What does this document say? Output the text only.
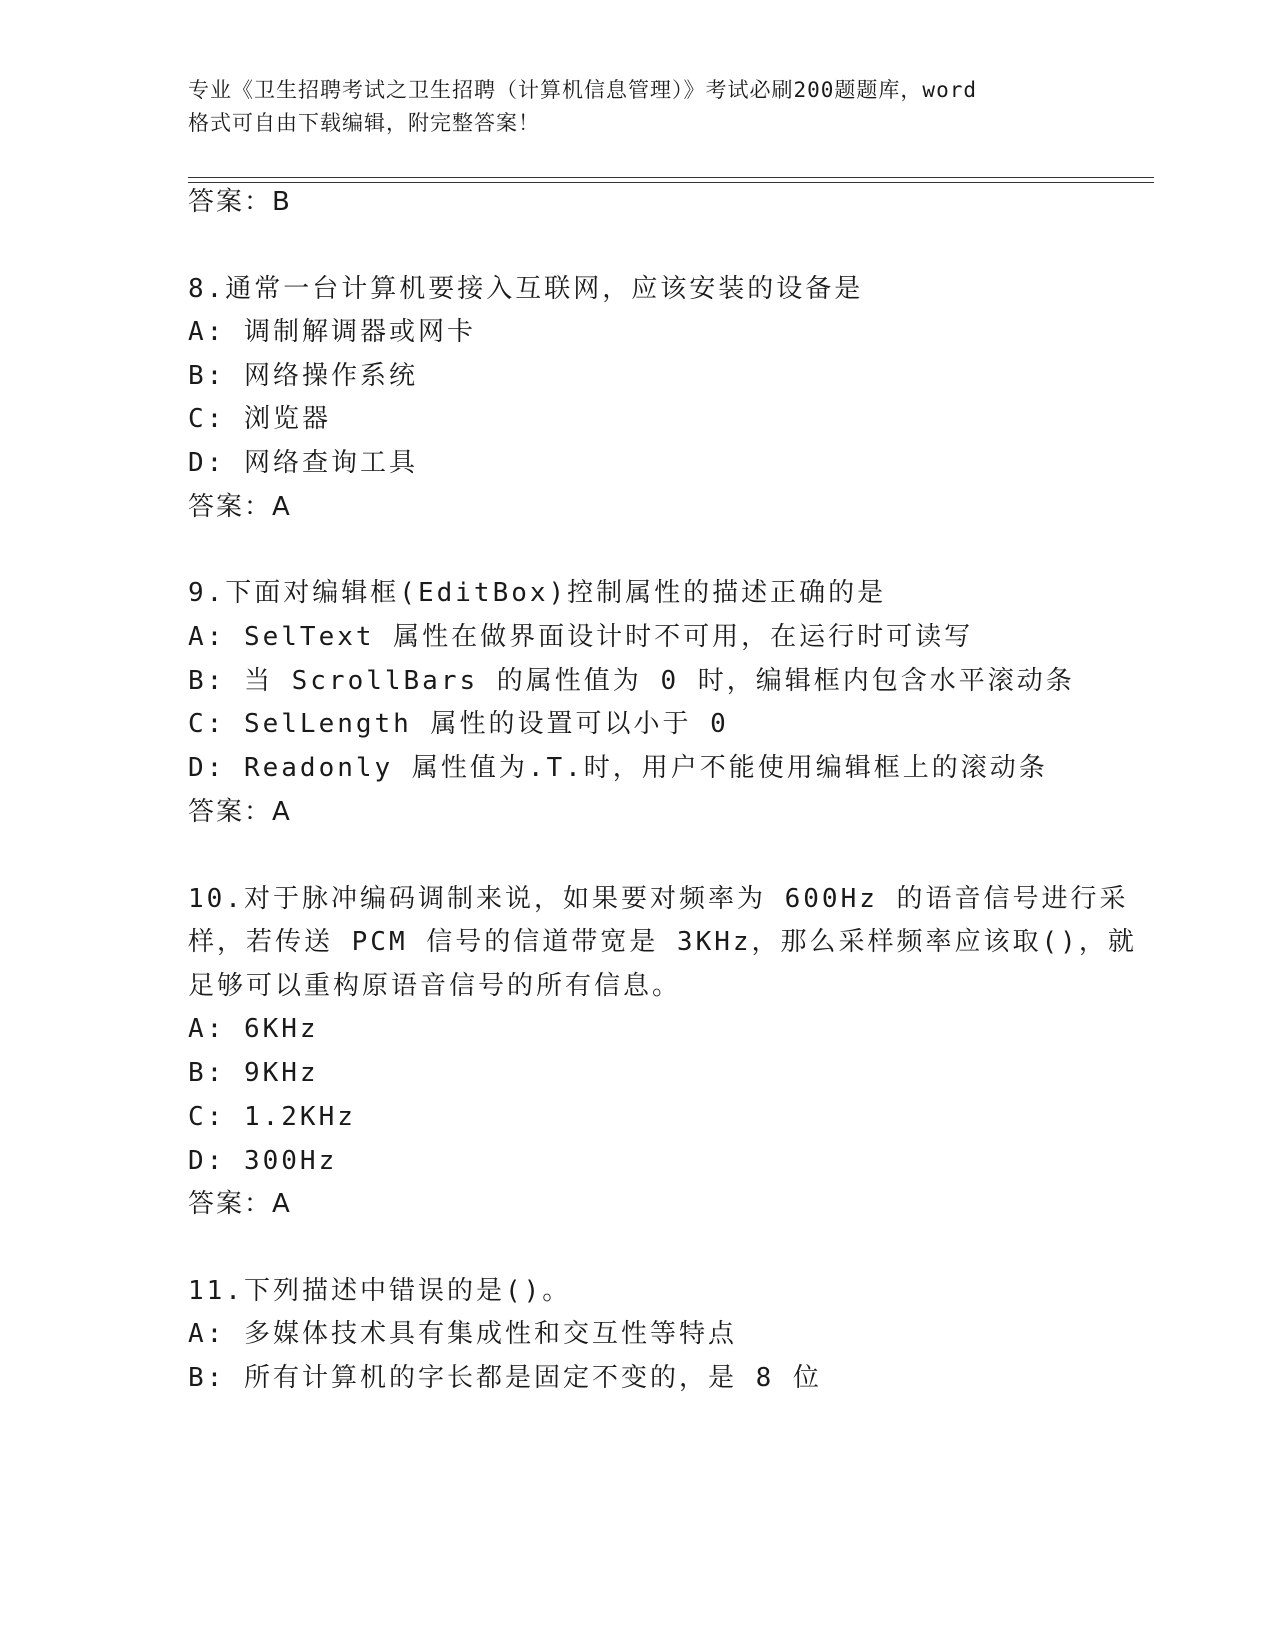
专业《卫生招聘考试之卫生招聘（计算机信息管理）》考试必刷200题题库，word
格式可自由下载编辑，附完整答案！
答案：B
8.通常一台计算机要接入互联网，应该安装的设备是
A: 调制解调器或网卡
B: 网络操作系统
C: 浏览器
D: 网络查询工具
答案：A
9.下面对编辑框(EditBox)控制属性的描述正确的是
A: SelText 属性在做界面设计时不可用，在运行时可读写
B: 当 ScrollBars 的属性值为 0 时，编辑框内包含水平滚动条
C: SelLength 属性的设置可以小于 0
D: Readonly 属性值为.T.时，用户不能使用编辑框上的滚动条
答案：A
10.对于脉冲编码调制来说，如果要对频率为 600Hz 的语音信号进行采
样，若传送 PCM 信号的信道带宽是 3KHz，那么采样频率应该取()，就
足够可以重构原语音信号的所有信息。
A: 6KHz
B: 9KHz
C: 1.2KHz
D: 300Hz
答案：A
11.下列描述中错误的是()。
A: 多媒体技术具有集成性和交互性等特点
B: 所有计算机的字长都是固定不变的，是 8 位
